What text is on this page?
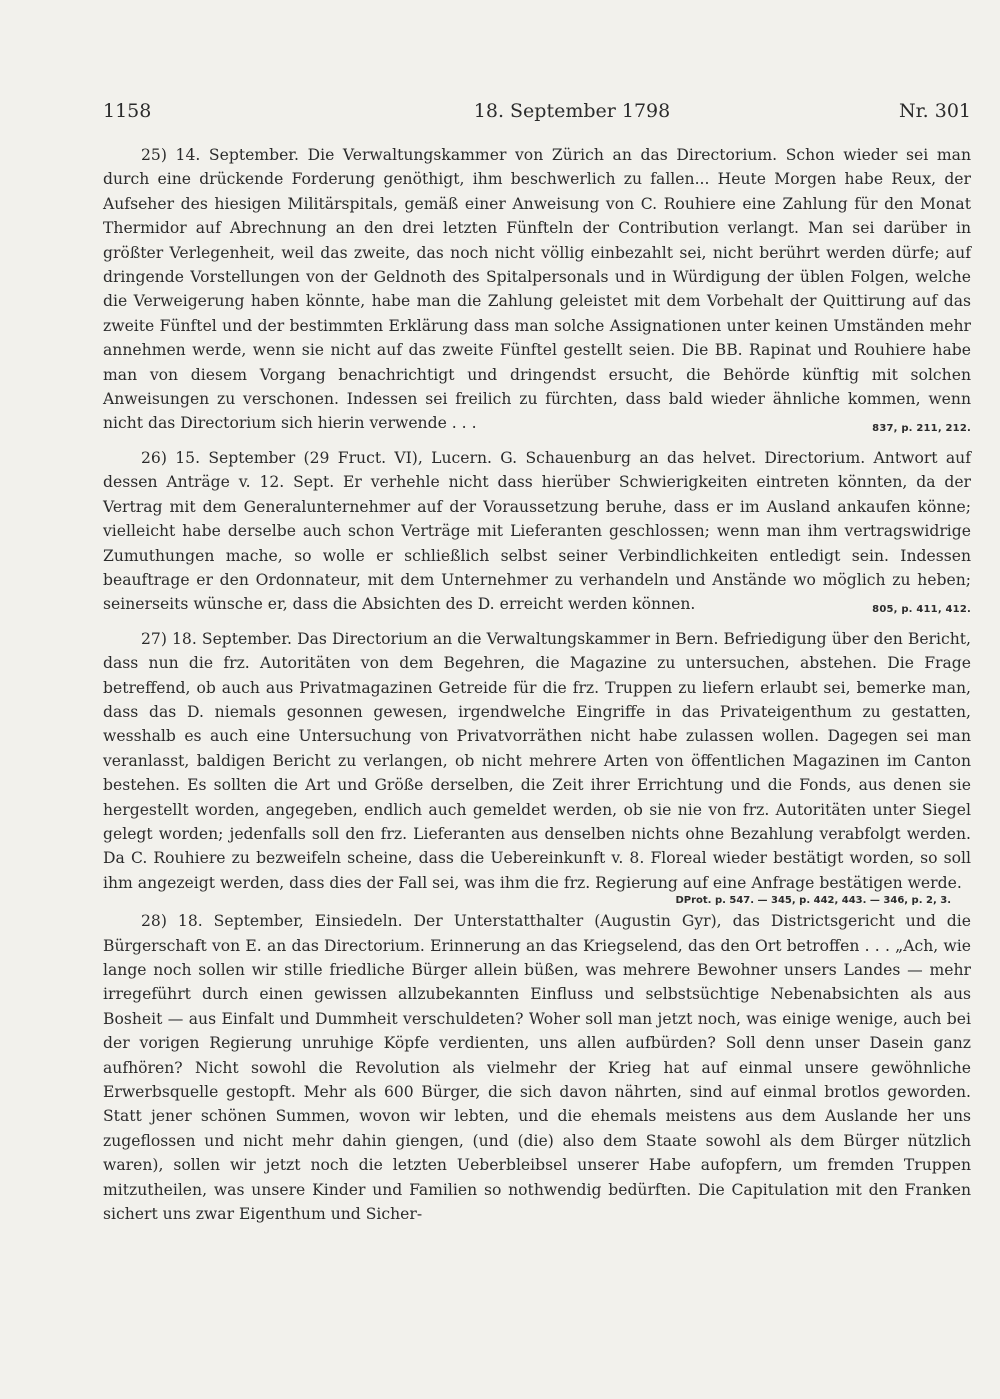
1158	18. September 1798	Nr. 301

25) 14. September. Die Verwaltungskammer von Zürich an das Directorium. Schon wieder sei man durch eine drückende Forderung genöthigt, ihm beschwerlich zu fallen... Heute Morgen habe Reux, der Aufseher des hiesigen Militärspitals, gemäß einer Anweisung von C. Rouhiere eine Zahlung für den Monat Thermidor auf Abrechnung an den drei letzten Fünfteln der Contribution verlangt. Man sei darüber in größter Verlegenheit, weil das zweite, das noch nicht völlig einbezahlt sei, nicht berührt werden dürfe; auf dringende Vorstellungen von der Geldnoth des Spitalpersonals und in Würdigung der üblen Folgen, welche die Verweigerung haben könnte, habe man die Zahlung geleistet mit dem Vorbehalt der Quittirung auf das zweite Fünftel und der bestimmten Erklärung dass man solche Assignationen unter keinen Umständen mehr annehmen werde, wenn sie nicht auf das zweite Fünftel gestellt seien. Die BB. Rapinat und Rouhiere habe man von diesem Vorgang benachrichtigt und dringendst ersucht, die Behörde künftig mit solchen Anweisungen zu verschonen. Indessen sei freilich zu fürchten, dass bald wieder ähnliche kommen, wenn nicht das Directorium sich hierin verwende . . .	837, p. 211, 212.

26) 15. September (29 Fruct. VI), Lucern. G. Schauenburg an das helvet. Directorium. Antwort auf dessen Anträge v. 12. Sept. Er verhehle nicht dass hierüber Schwierigkeiten eintreten könnten, da der Vertrag mit dem Generalunternehmer auf der Voraussetzung beruhe, dass er im Ausland ankaufen könne; vielleicht habe derselbe auch schon Verträge mit Lieferanten geschlossen; wenn man ihm vertragswidrige Zumuthungen mache, so wolle er schließlich selbst seiner Verbindlichkeiten entledigt sein. Indessen beauftrage er den Ordonnateur, mit dem Unternehmer zu verhandeln und Anstände wo möglich zu heben; seinerseits wünsche er, dass die Absichten des D. erreicht werden können.	805, p. 411, 412.

27) 18. September. Das Directorium an die Verwaltungskammer in Bern. Befriedigung über den Bericht, dass nun die frz. Autoritäten von dem Begehren, die Magazine zu untersuchen, abstehen. Die Frage betreffend, ob auch aus Privatmagazinen Getreide für die frz. Truppen zu liefern erlaubt sei, bemerke man, dass das D. niemals gesonnen gewesen, irgendwelche Eingriffe in das Privateigenthum zu gestatten, wesshalb es auch eine Untersuchung von Privatvorräthen nicht habe zulassen wollen. Dagegen sei man veranlasst, baldigen Bericht zu verlangen, ob nicht mehrere Arten von öffentlichen Magazinen im Canton bestehen. Es sollten die Art und Größe derselben, die Zeit ihrer Errichtung und die Fonds, aus denen sie hergestellt worden, angegeben, endlich auch gemeldet werden, ob sie nie von frz. Autoritäten unter Siegel gelegt worden; jedenfalls soll den frz. Lieferanten aus denselben nichts ohne Bezahlung verabfolgt werden. Da C. Rouhiere zu bezweifeln scheine, dass die Uebereinkunft v. 8. Floreal wieder bestätigt worden, so soll ihm angezeigt werden, dass dies der Fall sei, was ihm die frz. Regierung auf eine Anfrage bestätigen werde.

DProt. p. 547. — 345, p. 442, 443. — 346, p. 2, 3.

28) 18. September, Einsiedeln. Der Unterstatthalter (Augustin Gyr), das Districtsgericht und die Bürgerschaft von E. an das Directorium. Erinnerung an das Kriegselend, das den Ort betroffen . . . „Ach, wie lange noch sollen wir stille friedliche Bürger allein büßen, was mehrere Bewohner unsers Landes — mehr irregeführt durch einen gewissen allzubekannten Einfluss und selbstsüchtige Nebenabsichten als aus Bosheit — aus Einfalt und Dummheit verschuldeten? Woher soll man jetzt noch, was einige wenige, auch bei der vorigen Regierung unruhige Köpfe verdienten, uns allen aufbürden? Soll denn unser Dasein ganz aufhören? Nicht sowohl die Revolution als vielmehr der Krieg hat auf einmal unsere gewöhnliche Erwerbsquelle gestopft. Mehr als 600 Bürger, die sich davon nährten, sind auf einmal brotlos geworden. Statt jener schönen Summen, wovon wir lebten, und die ehemals meistens aus dem Auslande her uns zugeflossen und nicht mehr dahin giengen, (und (die) also dem Staate sowohl als dem Bürger nützlich waren), sollen wir jetzt noch die letzten Ueberbleibsel unserer Habe aufopfern, um fremden Truppen mitzutheilen, was unsere Kinder und Familien so nothwendig bedürften. Die Capitulation mit den Franken sichert uns zwar Eigenthum und Sicher-
